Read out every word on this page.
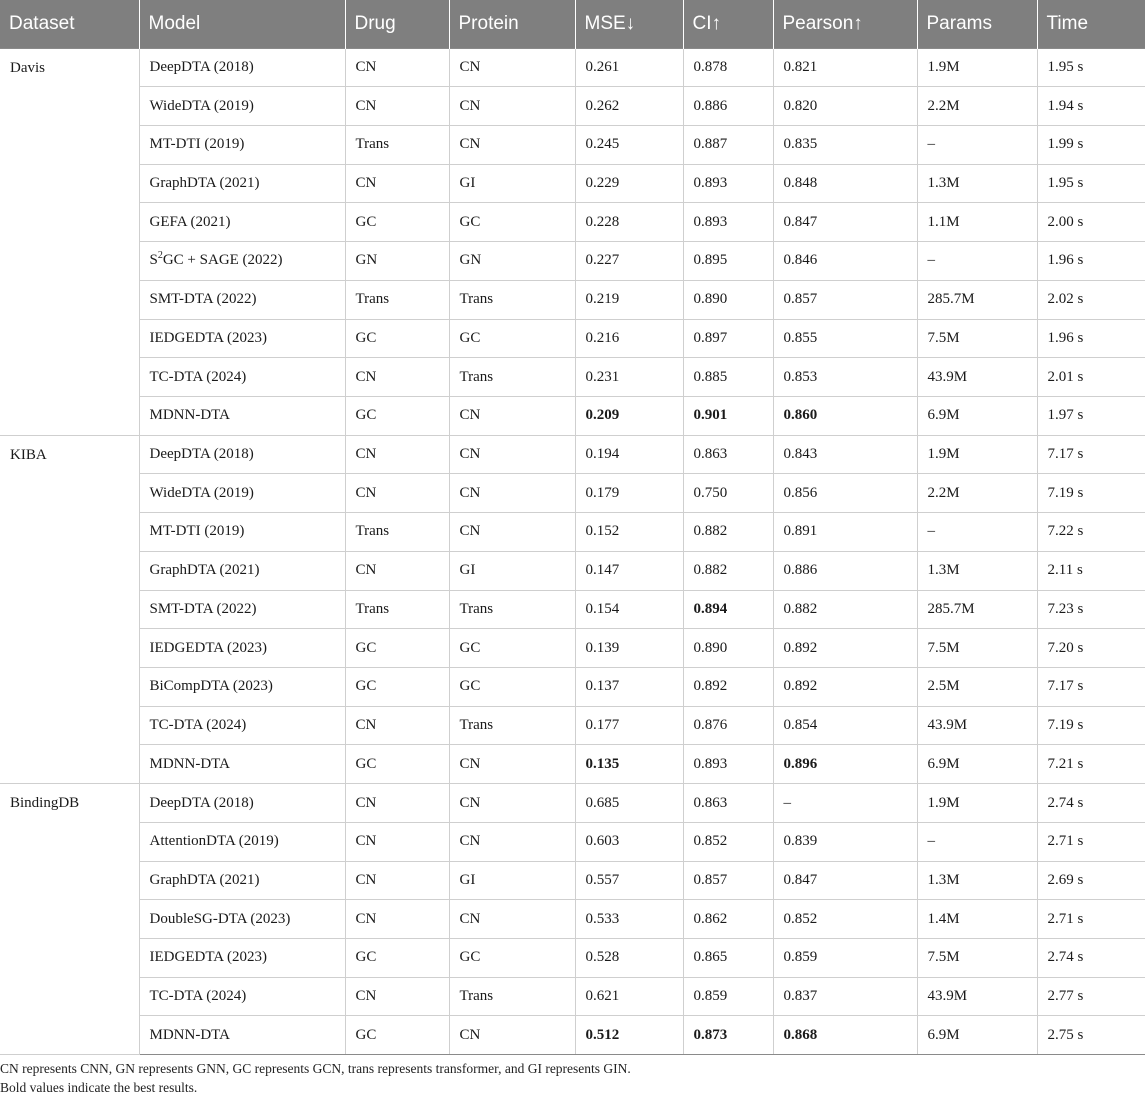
Dataset	Model	Drug	Protein	MSE↓	CI↑	Pearson↑	Params	Time
Davis	DeepDTA (2018)	CN	CN	0.261	0.878	0.821	1.9M	1.95 s
	WideDTA (2019)	CN	CN	0.262	0.886	0.820	2.2M	1.94 s
	MT-DTI (2019)	Trans	CN	0.245	0.887	0.835	–	1.99 s
	GraphDTA (2021)	CN	GI	0.229	0.893	0.848	1.3M	1.95 s
	GEFA (2021)	GC	GC	0.228	0.893	0.847	1.1M	2.00 s
	$S^2GC$ + SAGE (2022)	GN	GN	0.227	0.895	0.846	–	1.96 s
	SMT-DTA (2022)	Trans	Trans	0.219	0.890	0.857	285.7M	2.02 s
	IEDGEDTA (2023)	GC	GC	0.216	0.897	0.855	7.5M	1.96 s
	TC-DTA (2024)	CN	Trans	0.231	0.885	0.853	43.9M	2.01 s
	MDNN-DTA	GC	CN	0.209	0.901	0.860	6.9M	1.97 s
KIBA	DeepDTA (2018)	CN	CN	0.194	0.863	0.843	1.9M	7.17 s
	WideDTA (2019)	CN	CN	0.179	0.750	0.856	2.2M	7.19 s
	MT-DTI (2019)	Trans	CN	0.152	0.882	0.891	–	7.22 s
	GraphDTA (2021)	CN	GI	0.147	0.882	0.886	1.3M	2.11 s
	SMT-DTA (2022)	Trans	Trans	0.154	0.894	0.882	285.7M	7.23 s
	IEDGEDTA (2023)	GC	GC	0.139	0.890	0.892	7.5M	7.20 s
	BiCompDTA (2023)	GC	GC	0.137	0.892	0.892	2.5M	7.17 s
	TC-DTA (2024)	CN	Trans	0.177	0.876	0.854	43.9M	7.19 s
	MDNN-DTA	GC	CN	0.135	0.893	0.896	6.9M	7.21 s
BindingDB	DeepDTA (2018)	CN	CN	0.685	0.863	–	1.9M	2.74 s
	AttentionDTA (2019)	CN	CN	0.603	0.852	0.839	–	2.71 s
	GraphDTA (2021)	CN	GI	0.557	0.857	0.847	1.3M	2.69 s
	DoubleSG-DTA (2023)	CN	CN	0.533	0.862	0.852	1.4M	2.71 s
	IEDGEDTA (2023)	GC	GC	0.528	0.865	0.859	7.5M	2.74 s
	TC-DTA (2024)	CN	Trans	0.621	0.859	0.837	43.9M	2.77 s
	MDNN-DTA	GC	CN	0.512	0.873	0.868	6.9M	2.75 s
CN represents CNN, GN represents GNN, GC represents GCN, trans represents transformer, and GI represents GIN.
Bold values indicate the best results.
